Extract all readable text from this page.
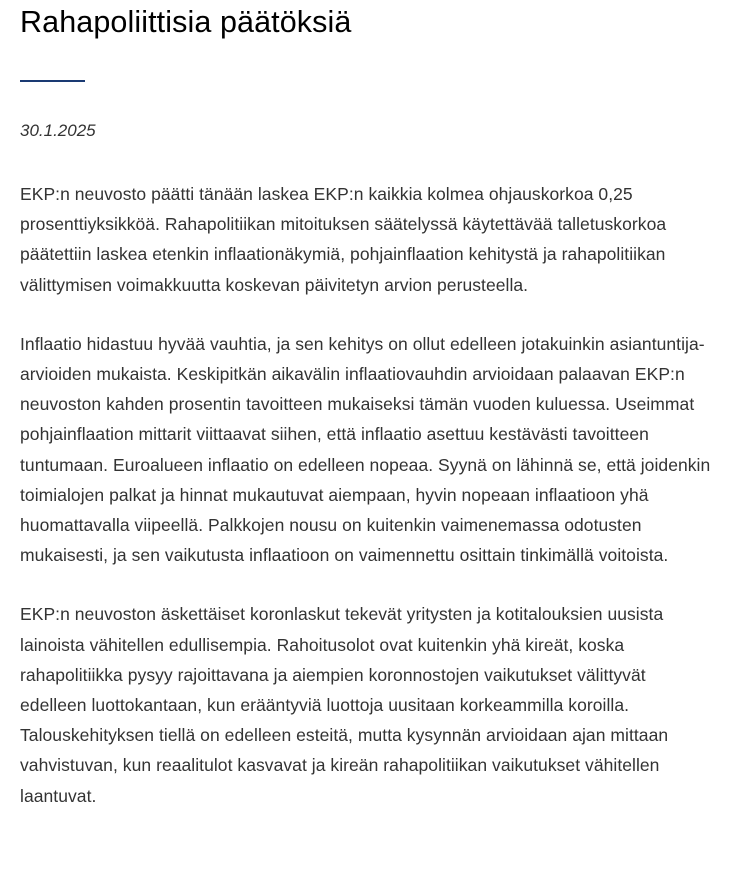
Rahapoliittisia päätöksiä
30.1.2025

EKP:n neuvosto päätti tänään laskea EKP:n kaikkia kolmea ohjauskorkoa 0,25 prosenttiyksikköä. Rahapolitiikan mitoituksen säätelyssä käytettävää talletuskorkoa päätettiin laskea etenkin inflaationäkymiä, pohjainflaation kehitystä ja rahapolitiikan välittymisen voimakkuutta koskevan päivitetyn arvion perusteella.

Inflaatio hidastuu hyvää vauhtia, ja sen kehitys on ollut edelleen jotakuinkin asiantuntija-arvioiden mukaista. Keskipitkän aikavälin inflaatiovauhdin arvioidaan palaavan EKP:n neuvoston kahden prosentin tavoitteen mukaiseksi tämän vuoden kuluessa. Useimmat pohjainflaation mittarit viittaavat siihen, että inflaatio asettuu kestävästi tavoitteen tuntumaan. Euroalueen inflaatio on edelleen nopeaa. Syynä on lähinnä se, että joidenkin toimialojen palkat ja hinnat mukautuvat aiempaan, hyvin nopeaan inflaatioon yhä huomattavalla viipeellä. Palkkojen nousu on kuitenkin vaimenemassa odotusten mukaisesti, ja sen vaikutusta inflaatioon on vaimennettu osittain tinkimällä voitoista.

EKP:n neuvoston äskettäiset koronlaskut tekevät yritysten ja kotitalouksien uusista lainoista vähitellen edullisempia. Rahoitusolot ovat kuitenkin yhä kireät, koska rahapolitiikka pysyy rajoittavana ja aiempien koronnostojen vaikutukset välittyvät edelleen luottokantaan, kun erääntyviä luottoja uusitaan korkeammilla koroilla. Talouskehityksen tiellä on edelleen esteitä, mutta kysynnän arvioidaan ajan mittaan vahvistuvan, kun reaalitulot kasvavat ja kireän rahapolitiikan vaikutukset vähitellen laantuvat.
